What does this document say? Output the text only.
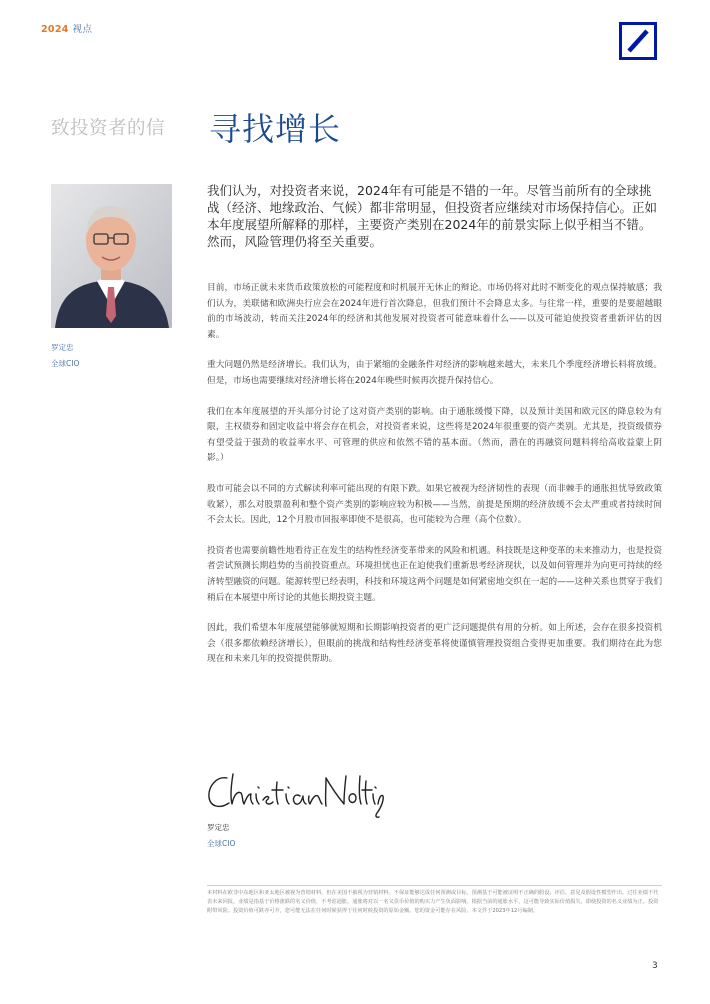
2024 视点
致投资者的信 寻找增长
罗定忠
全球CIO

我们认为，对投资者来说，2024年有可能是不错的一年。尽管当前所有的全球挑战（经济、地缘政治、气候）都非常明显，但投资者应继续对市场保持信心。正如本年度展望所解释的那样，主要资产类别在2024年的前景实际上似乎相当不错。然而，风险管理仍将至关重要。

目前，市场正就未来货币政策放松的可能程度和时机展开无休止的辩论。市场仍将对此时不断变化的观点保持敏感；我们认为，美联储和欧洲央行应会在2024年进行首次降息，但我们预计不会降息太多。与往常一样，重要的是要超越眼前的市场波动，转而关注2024年的经济和其他发展对投资者可能意味着什么——以及可能迫使投资者重新评估的因素。

重大问题仍然是经济增长。我们认为，由于紧缩的金融条件对经济的影响越来越大，未来几个季度经济增长料将放缓。但是，市场也需要继续对经济增长将在2024年晚些时候再次提升保持信心。

我们在本年度展望的开头部分讨论了这对资产类别的影响。由于通胀缓慢下降，以及预计美国和欧元区的降息较为有限，主权债券和固定收益中将会存在机会，对投资者来说，这些将是2024年很重要的资产类别。尤其是，投资级债券有望受益于强劲的收益率水平、可管理的供应和依然不错的基本面。（然而，潜在的再融资问题料将给高收益蒙上阴影。）

股市可能会以不同的方式解读利率可能出现的有限下跌。如果它被视为经济韧性的表现（而非棘手的通胀担忧导致政策收紧），那么对股票盈利和整个资产类别的影响应较为积极——当然，前提是预期的经济放缓不会太严重或者持续时间不会太长。因此，12个月股市回报率即使不是很高，也可能较为合理（高个位数）。

投资者也需要前瞻性地看待正在发生的结构性经济变革带来的风险和机遇。科技既是这种变革的未来推动力，也是投资者尝试预测长期趋势的当前投资重点。环境担忧也正在迫使我们重新思考经济现状，以及如何管理并为向更可持续的经济转型融资的问题。能源转型已经表明，科技和环境这两个问题是如何紧密地交织在一起的——这种关系也贯穿于我们稍后在本展望中所讨论的其他长期投资主题。

因此，我们希望本年度展望能够就短期和长期影响投资者的更广泛问题提供有用的分析。如上所述，会存在很多投资机会（很多都依赖经济增长），但眼前的挑战和结构性经济变革将使谨慎管理投资组合变得更加重要。我们期待在此为您现在和未来几年的投资提供帮助。

罗定忠
全球CIO

本材料在欧非中东地区和亚太地区被视为营销材料，但在美国不被视为营销材料。不保证能够达成任何预测或目标。预测基于可能被证明不正确的假设、评估、意见及假设性模型作出。过往业绩不代表未来回报。业绩是指基于价格涨跌的名义价值，不考虑通胀。通胀将对以一名义货币价值的购买力产生负面影响。根据当前的通胀水平，这可能导致实际价值损失，即使投资的名义业绩为正。投资附带风险。投资价值可跌亦可升，您可能无法在任何时候获得于任何时候投资的原始金额。您的资金可能存在风险。本文件于2023年12月编制。

3
